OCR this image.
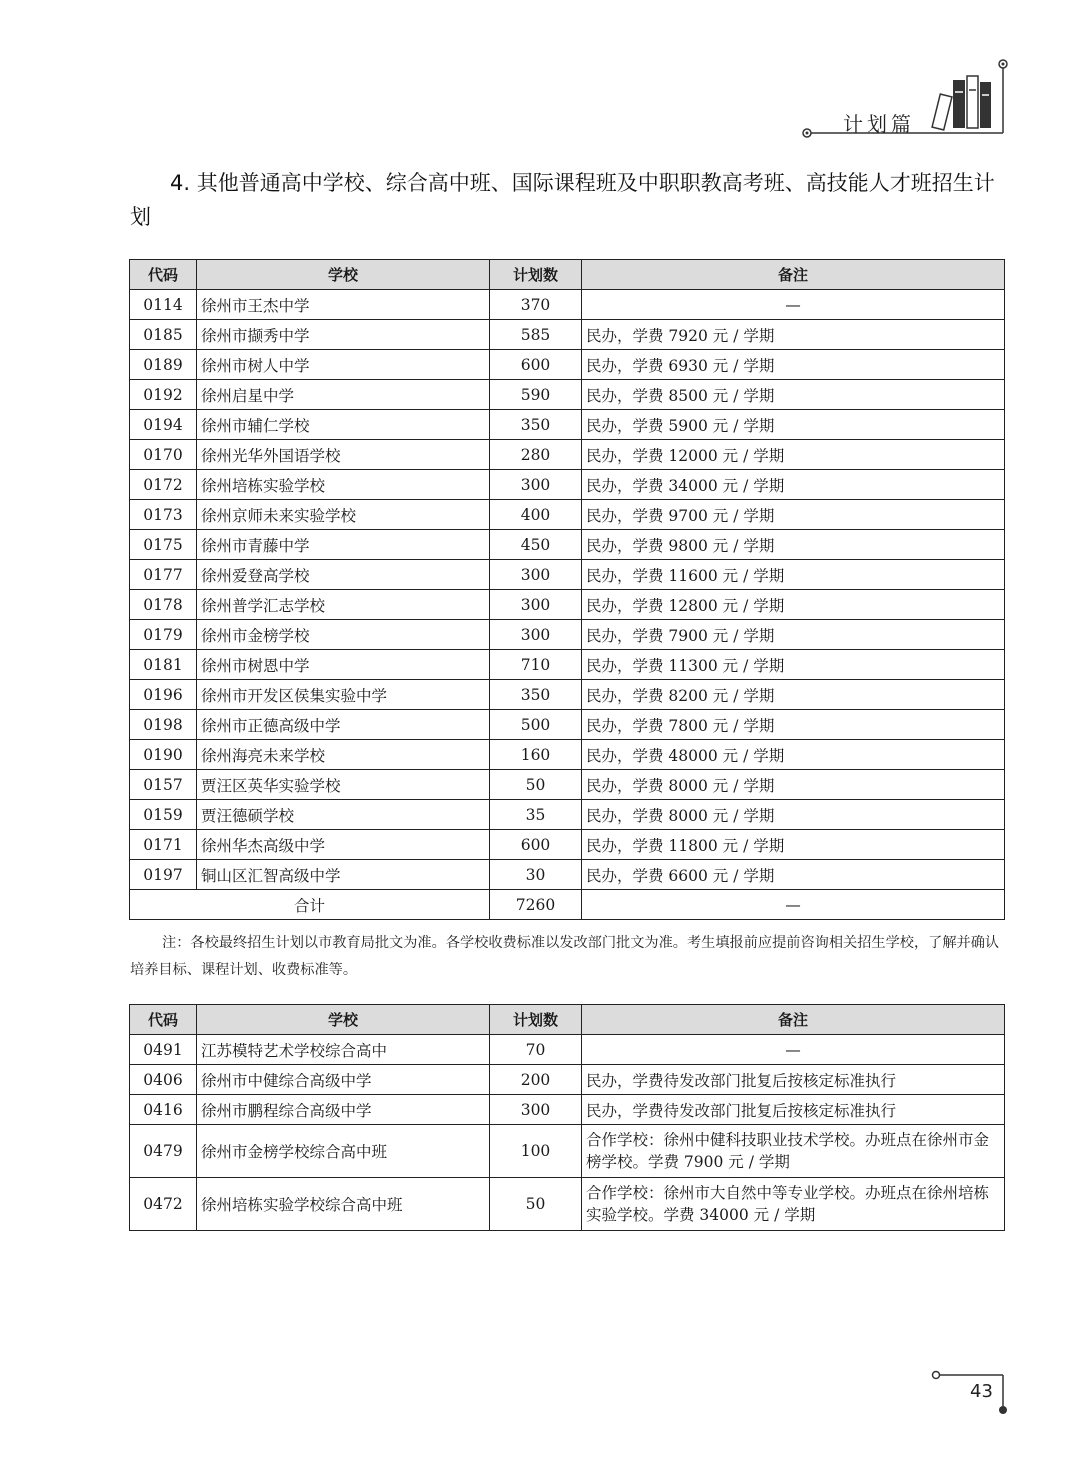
计划篇
4. 其他普通高中学校、综合高中班、国际课程班及中职职教高考班、高技能人才班招生计划
代码	学校	计划数	备注
0114	徐州市王杰中学	370	—
0185	徐州市撷秀中学	585	民办，学费 7920 元 / 学期
0189	徐州市树人中学	600	民办，学费 6930 元 / 学期
0192	徐州启星中学	590	民办，学费 8500 元 / 学期
0194	徐州市辅仁学校	350	民办，学费 5900 元 / 学期
0170	徐州光华外国语学校	280	民办，学费 12000 元 / 学期
0172	徐州培栋实验学校	300	民办，学费 34000 元 / 学期
0173	徐州京师未来实验学校	400	民办，学费 9700 元 / 学期
0175	徐州市青藤中学	450	民办，学费 9800 元 / 学期
0177	徐州爱登高学校	300	民办，学费 11600 元 / 学期
0178	徐州普学汇志学校	300	民办，学费 12800 元 / 学期
0179	徐州市金榜学校	300	民办，学费 7900 元 / 学期
0181	徐州市树恩中学	710	民办，学费 11300 元 / 学期
0196	徐州市开发区侯集实验中学	350	民办，学费 8200 元 / 学期
0198	徐州市正德高级中学	500	民办，学费 7800 元 / 学期
0190	徐州海亮未来学校	160	民办，学费 48000 元 / 学期
0157	贾汪区英华实验学校	50	民办，学费 8000 元 / 学期
0159	贾汪德硕学校	35	民办，学费 8000 元 / 学期
0171	徐州华杰高级中学	600	民办，学费 11800 元 / 学期
0197	铜山区汇智高级中学	30	民办，学费 6600 元 / 学期
合计		7260	—
注：各校最终招生计划以市教育局批文为准。各学校收费标准以发改部门批文为准。考生填报前应提前咨询相关招生学校，了解并确认培养目标、课程计划、收费标准等。
代码	学校	计划数	备注
0491	江苏模特艺术学校综合高中	70	—
0406	徐州市中健综合高级中学	200	民办，学费待发改部门批复后按核定标准执行
0416	徐州市鹏程综合高级中学	300	民办，学费待发改部门批复后按核定标准执行
0479	徐州市金榜学校综合高中班	100	合作学校：徐州中健科技职业技术学校。办班点在徐州市金榜学校。学费 7900 元 / 学期
0472	徐州培栋实验学校综合高中班	50	合作学校：徐州市大自然中等专业学校。办班点在徐州培栋实验学校。学费 34000 元 / 学期
43
